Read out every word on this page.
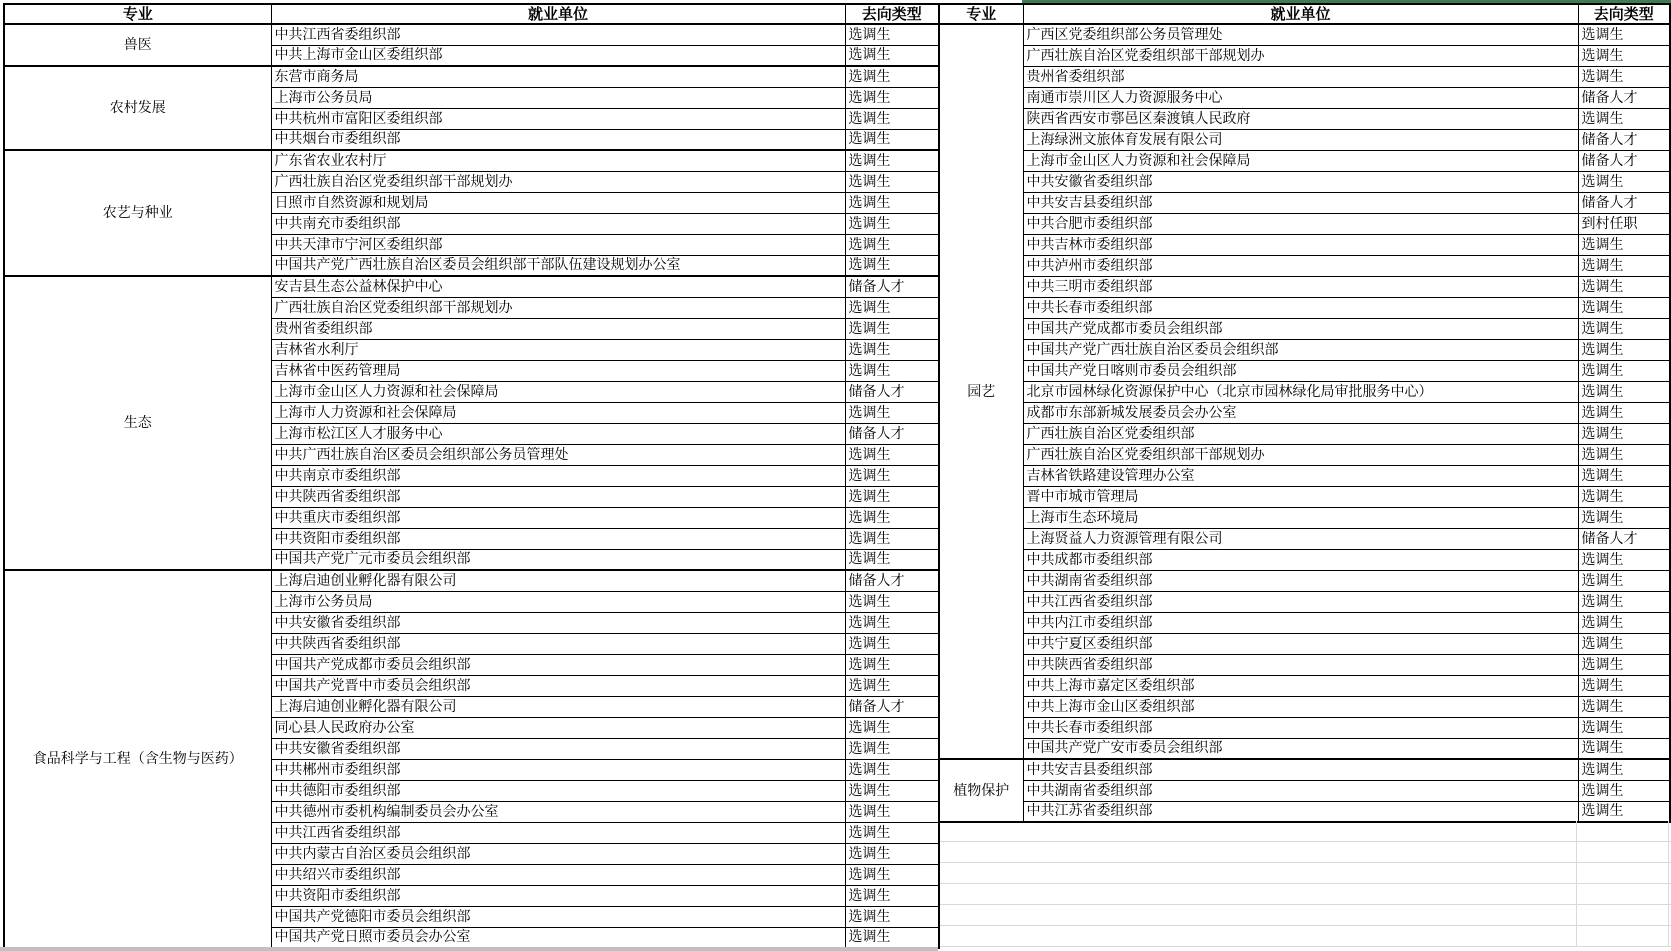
专业	就业单位	去向类型
兽医	中共江西省委组织部	选调生
	中共上海市金山区委组织部	选调生
农村发展	东营市商务局	选调生
	上海市公务员局	选调生
	中共杭州市富阳区委组织部	选调生
	中共烟台市委组织部	选调生
农艺与种业	广东省农业农村厅	选调生
	广西壮族自治区党委组织部干部规划办	选调生
	日照市自然资源和规划局	选调生
	中共南充市委组织部	选调生
	中共天津市宁河区委组织部	选调生
	中国共产党广西壮族自治区委员会组织部干部队伍建设规划办公室	选调生
生态	安吉县生态公益林保护中心	储备人才
	广西壮族自治区党委组织部干部规划办	选调生
	贵州省委组织部	选调生
	吉林省水利厅	选调生
	吉林省中医药管理局	选调生
	上海市金山区人力资源和社会保障局	储备人才
	上海市人力资源和社会保障局	选调生
	上海市松江区人才服务中心	储备人才
	中共广西壮族自治区委员会组织部公务员管理处	选调生
	中共南京市委组织部	选调生
	中共陕西省委组织部	选调生
	中共重庆市委组织部	选调生
	中共资阳市委组织部	选调生
	中国共产党广元市委员会组织部	选调生
食品科学与工程（含生物与医药）	上海启迪创业孵化器有限公司	储备人才
	上海市公务员局	选调生
	中共安徽省委组织部	选调生
	中共陕西省委组织部	选调生
	中国共产党成都市委员会组织部	选调生
	中国共产党晋中市委员会组织部	选调生
	上海启迪创业孵化器有限公司	储备人才
	同心县人民政府办公室	选调生
	中共安徽省委组织部	选调生
	中共郴州市委组织部	选调生
	中共德阳市委组织部	选调生
	中共德州市委机构编制委员会办公室	选调生
	中共江西省委组织部	选调生
	中共内蒙古自治区委员会组织部	选调生
	中共绍兴市委组织部	选调生
	中共资阳市委组织部	选调生
	中国共产党德阳市委员会组织部	选调生
	中国共产党日照市委员会办公室	选调生
专业	就业单位	去向类型
园艺	广西区党委组织部公务员管理处	选调生
	广西壮族自治区党委组织部干部规划办	选调生
	贵州省委组织部	选调生
	南通市崇川区人力资源服务中心	储备人才
	陕西省西安市鄠邑区秦渡镇人民政府	选调生
	上海绿洲文旅体育发展有限公司	储备人才
	上海市金山区人力资源和社会保障局	储备人才
	中共安徽省委组织部	选调生
	中共安吉县委组织部	储备人才
	中共合肥市委组织部	到村任职
	中共吉林市委组织部	选调生
	中共泸州市委组织部	选调生
	中共三明市委组织部	选调生
	中共长春市委组织部	选调生
	中国共产党成都市委员会组织部	选调生
	中国共产党广西壮族自治区委员会组织部	选调生
	中国共产党日喀则市委员会组织部	选调生
	北京市园林绿化资源保护中心（北京市园林绿化局审批服务中心）	选调生
	成都市东部新城发展委员会办公室	选调生
	广西壮族自治区党委组织部	选调生
	广西壮族自治区党委组织部干部规划办	选调生
	吉林省铁路建设管理办公室	选调生
	晋中市城市管理局	选调生
	上海市生态环境局	选调生
	上海贤益人力资源管理有限公司	储备人才
	中共成都市委组织部	选调生
	中共湖南省委组织部	选调生
	中共江西省委组织部	选调生
	中共内江市委组织部	选调生
	中共宁夏区委组织部	选调生
	中共陕西省委组织部	选调生
	中共上海市嘉定区委组织部	选调生
	中共上海市金山区委组织部	选调生
	中共长春市委组织部	选调生
	中国共产党广安市委员会组织部	选调生
植物保护	中共安吉县委组织部	选调生
	中共湖南省委组织部	选调生
	中共江苏省委组织部	选调生
